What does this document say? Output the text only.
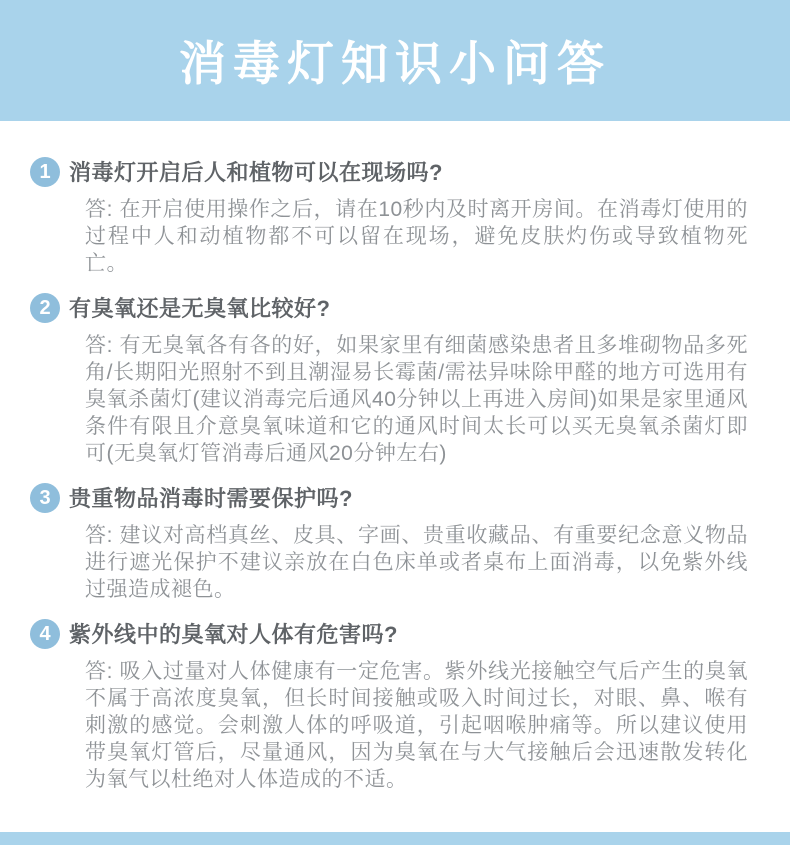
消毒灯知识小问答
1 消毒灯开启后人和植物可以在现场吗?

答: 在开启使用操作之后，请在10秒内及时离开房间。在消毒灯使用的过程中人和动植物都不可以留在现场，避免皮肤灼伤或导致植物死亡。

2 有臭氧还是无臭氧比较好?

答: 有无臭氧各有各的好，如果家里有细菌感染患者且多堆砌物品多死角/长期阳光照射不到且潮湿易长霉菌/需祛异味除甲醛的地方可选用有臭氧杀菌灯(建议消毒完后通风40分钟以上再进入房间)如果是家里通风条件有限且介意臭氧味道和它的通风时间太长可以买无臭氧杀菌灯即可(无臭氧灯管消毒后通风20分钟左右)

3 贵重物品消毒时需要保护吗?

答: 建议对高档真丝、皮具、字画、贵重收藏品、有重要纪念意义物品进行遮光保护不建议亲放在白色床单或者桌布上面消毒，以免紫外线过强造成褪色。

4 紫外线中的臭氧对人体有危害吗?

答: 吸入过量对人体健康有一定危害。紫外线光接触空气后产生的臭氧不属于高浓度臭氧，但长时间接触或吸入时间过长，对眼、鼻、喉有刺激的感觉。会刺激人体的呼吸道，引起咽喉肿痛等。所以建议使用带臭氧灯管后，尽量通风，因为臭氧在与大气接触后会迅速散发转化为氧气以杜绝对人体造成的不适。
